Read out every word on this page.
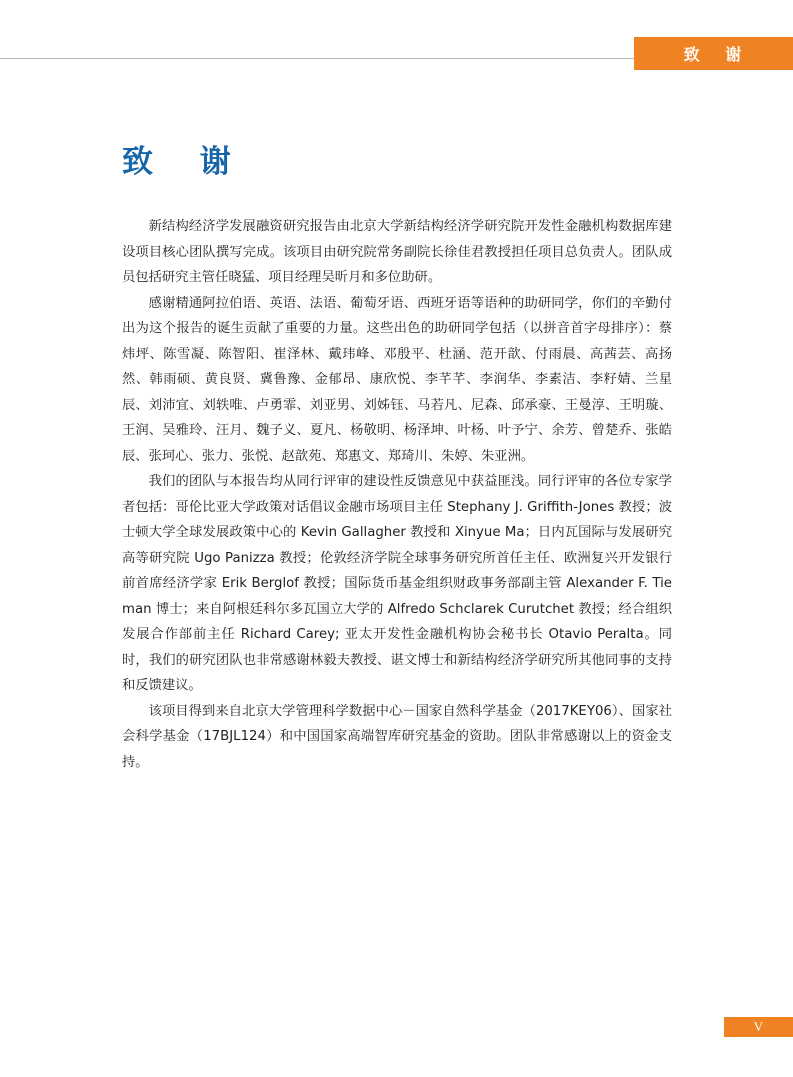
致 谢
致 谢

新结构经济学发展融资研究报告由北京大学新结构经济学研究院开发性金融机构数据库建设项目核心团队撰写完成。该项目由研究院常务副院长徐佳君教授担任项目总负责人。团队成员包括研究主管任晓猛、项目经理吴昕月和多位助研。

感谢精通阿拉伯语、英语、法语、葡萄牙语、西班牙语等语种的助研同学，你们的辛勤付出为这个报告的诞生贡献了重要的力量。这些出色的助研同学包括（以拼音首字母排序）：蔡炜坪、陈雪凝、陈智阳、崔泽林、戴玮峰、邓殷平、杜涵、范开歆、付雨晨、高茜芸、高扬然、韩雨硕、黄良贤、冀鲁豫、金郁昂、康欣悦、李芊芊、李润华、李素洁、李籽婧、兰星辰、刘沛宜、刘轶唯、卢勇霏、刘亚男、刘姊钰、马若凡、尼森、邱承豪、王曼淳、王明璇、王润、吴雅玲、汪月、魏子义、夏凡、杨敬明、杨泽坤、叶杨、叶予宁、余芳、曾楚乔、张皓辰、张珂心、张力、张悦、赵歆苑、郑惠文、郑琦川、朱婷、朱亚洲。

我们的团队与本报告均从同行评审的建设性反馈意见中获益匪浅。同行评审的各位专家学者包括：哥伦比亚大学政策对话倡议金融市场项目主任 Stephany J. Griffith-Jones 教授；波士顿大学全球发展政策中心的 Kevin Gallagher 教授和 Xinyue Ma；日内瓦国际与发展研究高等研究院 Ugo Panizza 教授；伦敦经济学院全球事务研究所首任主任、欧洲复兴开发银行前首席经济学家 Erik Berglof 教授；国际货币基金组织财政事务部副主管 Alexander F. Tieman 博士；来自阿根廷科尔多瓦国立大学的 Alfredo Schclarek Curutchet 教授；经合组织发展合作部前主任 Richard Carey; 亚太开发性金融机构协会秘书长 Otavio Peralta。同时，我们的研究团队也非常感谢林毅夫教授、谌文博士和新结构经济学研究所其他同事的支持和反馈建议。

该项目得到来自北京大学管理科学数据中心－国家自然科学基金（2017KEY06）、国家社会科学基金（17BJL124）和中国国家高端智库研究基金的资助。团队非常感谢以上的资金支持。

V
